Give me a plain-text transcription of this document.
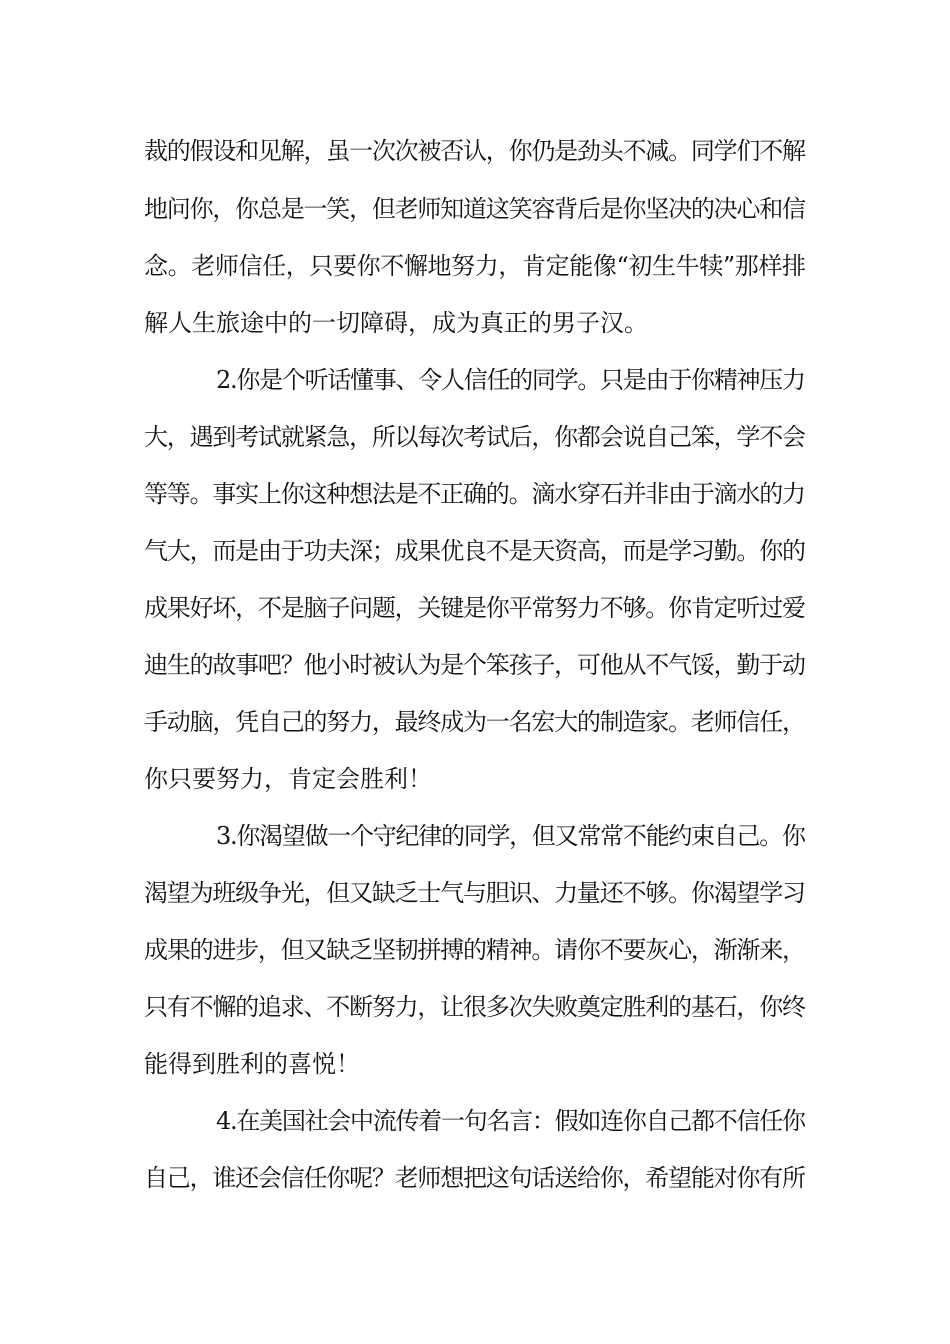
裁的假设和见解，虽一次次被否认，你仍是劲头不减。同学们不解

地问你，你总是一笑，但老师知道这笑容背后是你坚决的决心和信

念。老师信任，只要你不懈地努力，肯定能像“初生牛犊”那样排

解人生旅途中的一切障碍，成为真正的男子汉。

2.你是个听话懂事、令人信任的同学。只是由于你精神压力

大，遇到考试就紧急，所以每次考试后，你都会说自己笨，学不会

等等。事实上你这种想法是不正确的。滴水穿石并非由于滴水的力

气大，而是由于功夫深；成果优良不是天资高，而是学习勤。你的

成果好坏，不是脑子问题，关键是你平常努力不够。你肯定听过爱

迪生的故事吧？他小时被认为是个笨孩子，可他从不气馁，勤于动

手动脑，凭自己的努力，最终成为一名宏大的制造家。老师信任，

你只要努力，肯定会胜利！

3.你渴望做一个守纪律的同学，但又常常不能约束自己。你

渴望为班级争光，但又缺乏士气与胆识、力量还不够。你渴望学习

成果的进步，但又缺乏坚韧拼搏的精神。请你不要灰心，渐渐来，

只有不懈的追求、不断努力，让很多次失败奠定胜利的基石，你终

能得到胜利的喜悦！

4.在美国社会中流传着一句名言：假如连你自己都不信任你

自己，谁还会信任你呢？老师想把这句话送给你，希望能对你有所
